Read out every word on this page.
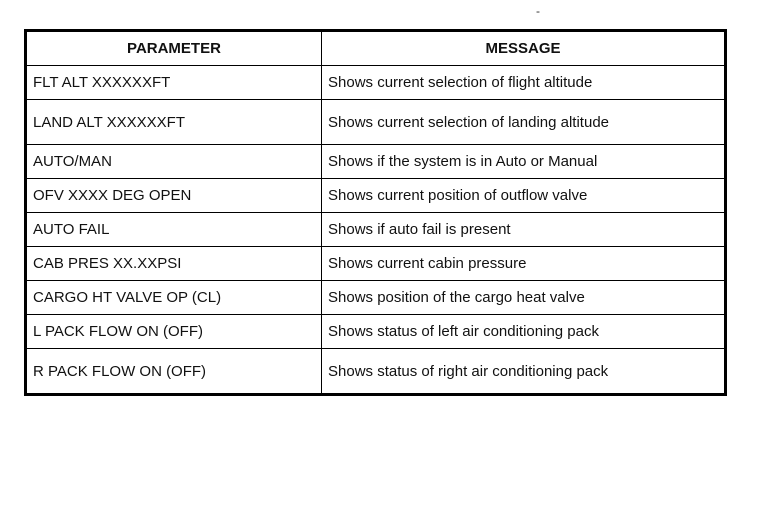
-
PARAMETER	MESSAGE
FLT ALT XXXXXXFT	Shows current selection of flight altitude
LAND ALT XXXXXXFT	Shows current selection of landing altitude
AUTO/MAN	Shows if the system is in Auto or Manual
OFV XXXX DEG OPEN	Shows current position of outflow valve
AUTO FAIL	Shows if auto fail is present
CAB PRES XX.XXPSI	Shows current cabin pressure
CARGO HT VALVE OP (CL)	Shows position of the cargo heat valve
L PACK FLOW ON (OFF)	Shows status of left air conditioning pack
R PACK FLOW ON (OFF)	Shows status of right air conditioning pack
